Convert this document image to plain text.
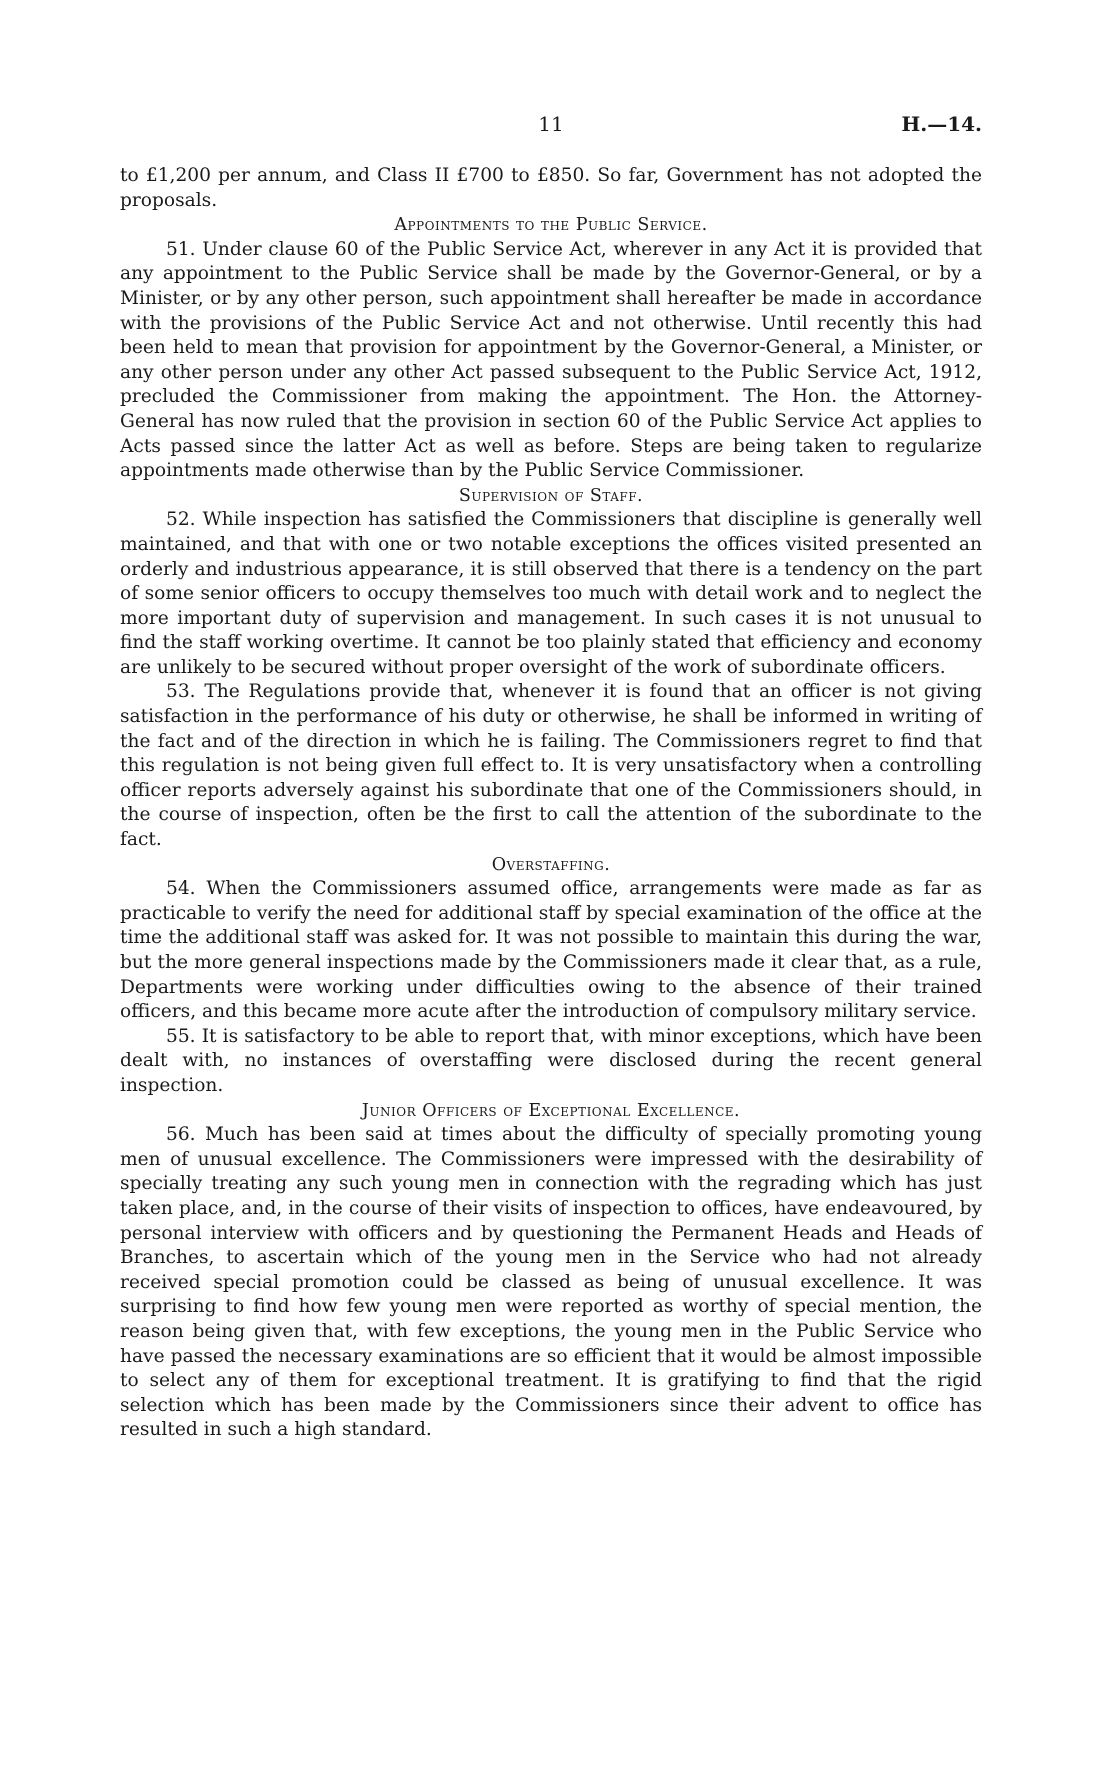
11	H.—14.

to £1,200 per annum, and Class II £700 to £850. So far, Government has not adopted the proposals.

Appointments to the Public Service.

51. Under clause 60 of the Public Service Act, wherever in any Act it is provided that any appointment to the Public Service shall be made by the Governor-General, or by a Minister, or by any other person, such appointment shall hereafter be made in accordance with the provisions of the Public Service Act and not otherwise. Until recently this had been held to mean that provision for appointment by the Governor-General, a Minister, or any other person under any other Act passed subsequent to the Public Service Act, 1912, precluded the Commissioner from making the appointment. The Hon. the Attorney-General has now ruled that the provision in section 60 of the Public Service Act applies to Acts passed since the latter Act as well as before. Steps are being taken to regularize appointments made otherwise than by the Public Service Commissioner.

Supervision of Staff.

52. While inspection has satisfied the Commissioners that discipline is generally well maintained, and that with one or two notable exceptions the offices visited presented an orderly and industrious appearance, it is still observed that there is a tendency on the part of some senior officers to occupy themselves too much with detail work and to neglect the more important duty of supervision and management. In such cases it is not unusual to find the staff working overtime. It cannot be too plainly stated that efficiency and economy are unlikely to be secured without proper oversight of the work of subordinate officers.

53. The Regulations provide that, whenever it is found that an officer is not giving satisfaction in the performance of his duty or otherwise, he shall be informed in writing of the fact and of the direction in which he is failing. The Commissioners regret to find that this regulation is not being given full effect to. It is very unsatisfactory when a controlling officer reports adversely against his subordinate that one of the Commissioners should, in the course of inspection, often be the first to call the attention of the subordinate to the fact.

Overstaffing.

54. When the Commissioners assumed office, arrangements were made as far as practicable to verify the need for additional staff by special examination of the office at the time the additional staff was asked for. It was not possible to maintain this during the war, but the more general inspections made by the Commissioners made it clear that, as a rule, Departments were working under difficulties owing to the absence of their trained officers, and this became more acute after the introduction of compulsory military service.

55. It is satisfactory to be able to report that, with minor exceptions, which have been dealt with, no instances of overstaffing were disclosed during the recent general inspection.

Junior Officers of Exceptional Excellence.

56. Much has been said at times about the difficulty of specially promoting young men of unusual excellence. The Commissioners were impressed with the desirability of specially treating any such young men in connection with the regrading which has just taken place, and, in the course of their visits of inspection to offices, have endeavoured, by personal interview with officers and by questioning the Permanent Heads and Heads of Branches, to ascertain which of the young men in the Service who had not already received special promotion could be classed as being of unusual excellence. It was surprising to find how few young men were reported as worthy of special mention, the reason being given that, with few exceptions, the young men in the Public Service who have passed the necessary examinations are so efficient that it would be almost impossible to select any of them for exceptional treatment. It is gratifying to find that the rigid selection which has been made by the Commissioners since their advent to office has resulted in such a high standard.
